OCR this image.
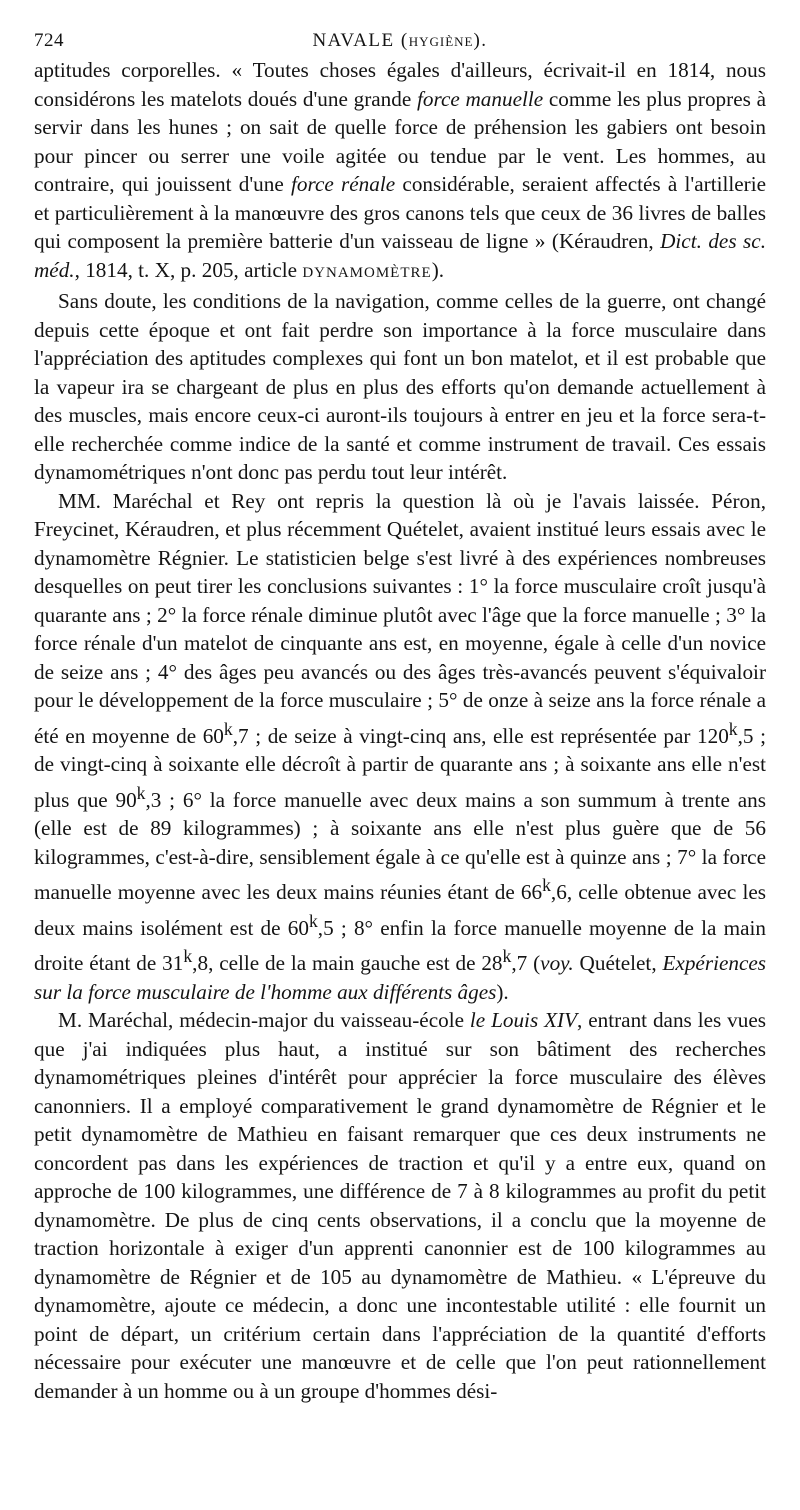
724	NAVALE (HYGIÈNE).

aptitudes corporelles. « Toutes choses égales d'ailleurs, écrivait-il en 1814, nous considérons les matelots doués d'une grande force manuelle comme les plus propres à servir dans les hunes ; on sait de quelle force de préhension les gabiers ont besoin pour pincer ou serrer une voile agitée ou tendue par le vent. Les hommes, au contraire, qui jouissent d'une force rénale considérable, seraient affectés à l'artillerie et particulièrement à la manœuvre des gros canons tels que ceux de 36 livres de balles qui composent la première batterie d'un vaisseau de ligne » (Kéraudren, Dict. des sc. méd., 1814, t. X, p. 205, article DYNAMOMÈTRE).

Sans doute, les conditions de la navigation, comme celles de la guerre, ont changé depuis cette époque et ont fait perdre son importance à la force musculaire dans l'appréciation des aptitudes complexes qui font un bon matelot, et il est probable que la vapeur ira se chargeant de plus en plus des efforts qu'on demande actuellement à des muscles, mais encore ceux-ci auront-ils toujours à entrer en jeu et la force sera-t-elle recherchée comme indice de la santé et comme instrument de travail. Ces essais dynamométriques n'ont donc pas perdu tout leur intérêt.

MM. Maréchal et Rey ont repris la question là où je l'avais laissée. Péron, Freycinet, Kéraudren, et plus récemment Quételet, avaient institué leurs essais avec le dynamomètre Régnier. Le statisticien belge s'est livré à des expériences nombreuses desquelles on peut tirer les conclusions suivantes : 1° la force musculaire croît jusqu'à quarante ans ; 2° la force rénale diminue plutôt avec l'âge que la force manuelle ; 3° la force rénale d'un matelot de cinquante ans est, en moyenne, égale à celle d'un novice de seize ans ; 4° des âges peu avancés ou des âges très-avancés peuvent s'équivaloir pour le développement de la force musculaire ; 5° de onze à seize ans la force rénale a été en moyenne de 60$^k$,7 ; de seize à vingt-cinq ans, elle est représentée par 120$^k$,5 ; de vingt-cinq à soixante elle décroît à partir de quarante ans ; à soixante ans elle n'est plus que 90$^k$,3 ; 6° la force manuelle avec deux mains a son summum à trente ans (elle est de 89 kilogrammes) ; à soixante ans elle n'est plus guère que de 56 kilogrammes, c'est-à-dire, sensiblement égale à ce qu'elle est à quinze ans ; 7° la force manuelle moyenne avec les deux mains réunies étant de 66$^k$,6, celle obtenue avec les deux mains isolément est de 60$^k$,5 ; 8° enfin la force manuelle moyenne de la main droite étant de 31$^k$,8, celle de la main gauche est de 28$^k$,7 (voy. Quételet, Expériences sur la force musculaire de l'homme aux différents âges).

M. Maréchal, médecin-major du vaisseau-école le Louis XIV, entrant dans les vues que j'ai indiquées plus haut, a institué sur son bâtiment des recherches dynamométriques pleines d'intérêt pour apprécier la force musculaire des élèves canonniers. Il a employé comparativement le grand dynamomètre de Régnier et le petit dynamomètre de Mathieu en faisant remarquer que ces deux instruments ne concordent pas dans les expériences de traction et qu'il y a entre eux, quand on approche de 100 kilogrammes, une différence de 7 à 8 kilogrammes au profit du petit dynamomètre. De plus de cinq cents observations, il a conclu que la moyenne de traction horizontale à exiger d'un apprenti canonnier est de 100 kilogrammes au dynamomètre de Régnier et de 105 au dynamomètre de Mathieu. « L'épreuve du dynamomètre, ajoute ce médecin, a donc une incontestable utilité : elle fournit un point de départ, un critérium certain dans l'appréciation de la quantité d'efforts nécessaire pour exécuter une manœuvre et de celle que l'on peut rationnellement demander à un homme ou à un groupe d'hommes dési-
